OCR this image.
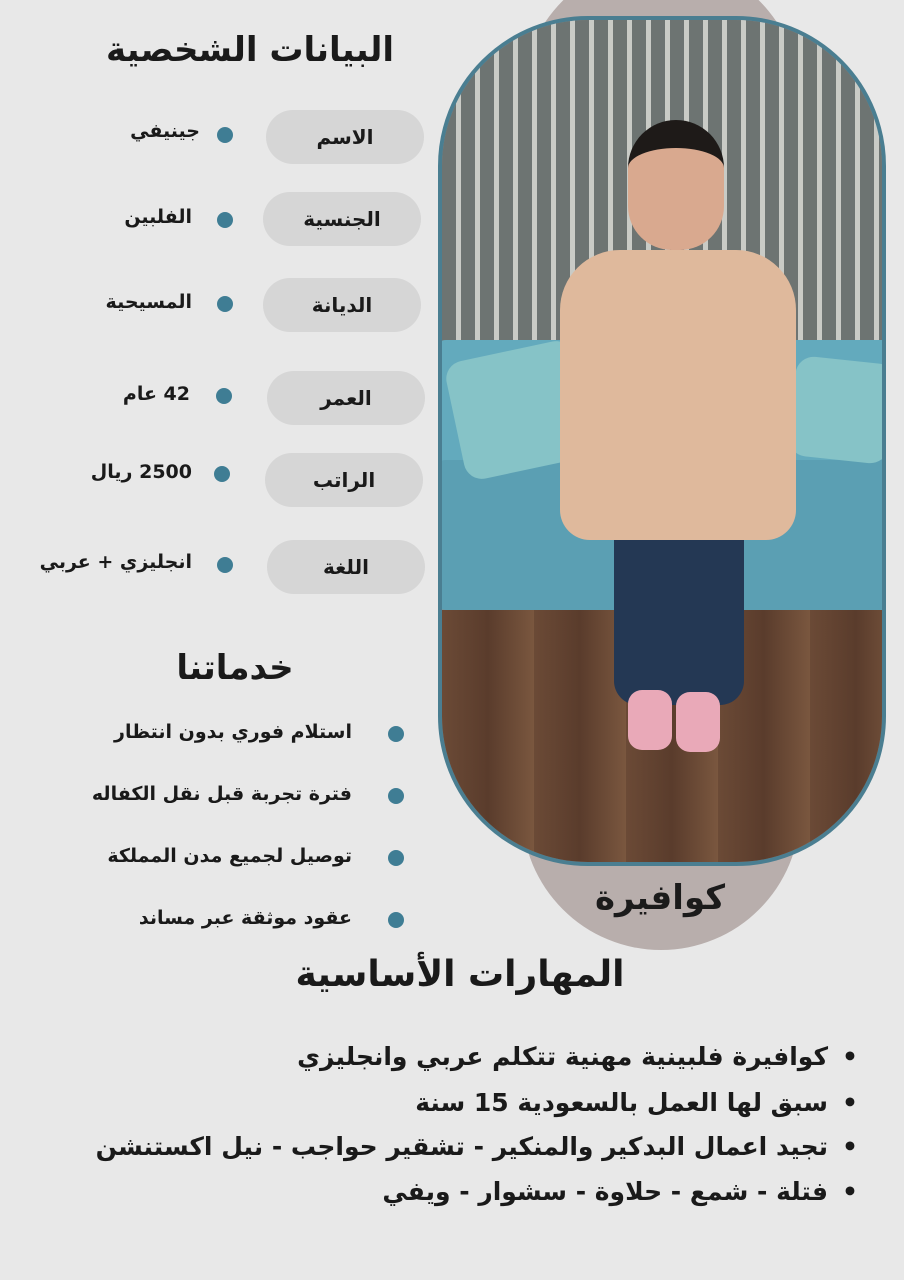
كوافيرة
البيانات الشخصية
الاسم
جينيفي
الجنسية
الفلبين
الديانة
المسيحية
العمر
42 عام
الراتب
2500 ريال
اللغة
انجليزي + عربي
خدماتنا
استلام فوري بدون انتظار
فترة تجربة قبل نقل الكفاله
توصيل لجميع مدن المملكة
عقود موثقة عبر مساند
المهارات الأساسية
• كوافيرة فلبينية مهنية تتكلم عربي وانجليزي
• سبق لها العمل بالسعودية 15 سنة
• تجيد اعمال البدكير والمنكير - تشقير حواجب - نيل اكستنشن
• فتلة - شمع - حلاوة - سشوار - ويفي
